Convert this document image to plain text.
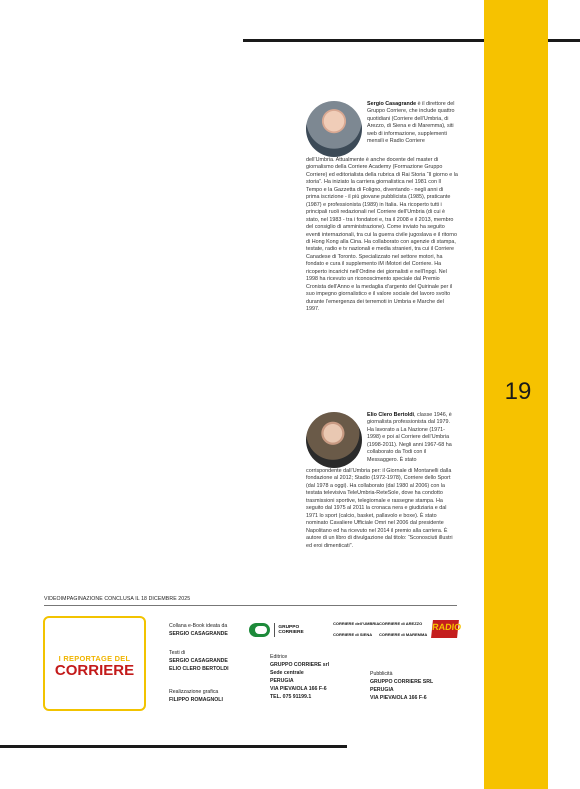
19
Sergio Casagrande è il direttore del Gruppo Corriere, che include quattro quotidiani (Corriere dell’Umbria, di Arezzo, di Siena e di Maremma), siti web di informazione, supplementi mensili e Radio Corriere
dell’Umbria. Attualmente è anche docente del master di giornalismo della Corriere Academy (Formazione Gruppo Corriere) ed editorialista della rubrica di Rai Storia “Il giorno e la storia”. Ha iniziato la carriera giornalistica nel 1981 con Il Tempo e la Gazzetta di Foligno, diventando - negli anni di prima iscrizione - il più giovane pubblicista (1985), praticante (1987) e professionista (1989) in Italia. Ha ricoperto tutti i principali ruoli redazionali nel Corriere dell’Umbria (di cui è stato, nel 1983 - tra i fondatori e, tra il 2008 e il 2013, membro del consiglio di amministrazione). Come inviato ha seguito eventi internazionali, tra cui la guerra civile jugoslava e il ritorno di Hong Kong alla Cina. Ha collaborato con agenzie di stampa, testate, radio e tv nazionali e media stranieri, tra cui il Corriere Canadese di Toronto. Specializzato nel settore motori, ha fondato e cura il supplemento iM iMotori del Corriere. Ha ricoperto incarichi nell’Ordine dei giornalisti e nell’Inpgi. Nel 1998 ha ricevuto un riconoscimento speciale dal Premio Cronista dell’Anno e la medaglia d’argento del Quirinale per il suo impegno giornalistico e il valore sociale del lavoro svolto durante l’emergenza dei terremoti in Umbria e Marche del 1997.
Elio Clero Bertoldi, classe 1946, è giornalista professionista dal 1979. Ha lavorato a La Nazione (1971-1998) e poi al Corriere dell’Umbria (1998-2011). Negli anni 1967-68 ha collaborato da Todi con il Messaggero. È stato
corrispondente dall’Umbria per: il Giornale di Montanelli dalla fondazione al 2012; Stadio (1972-1978), Corriere dello Sport (dal 1978 a oggi). Ha collaborato (dal 1980 al 2006) con la testata televisiva TeleUmbria-ReteSole, dove ha condotto trasmissioni sportive, telegiornale e rassegne stampa. Ha seguito dal 1975 al 2011 la cronaca nera e giudiziaria e dal 1971 lo sport (calcio, basket, pallavolo e boxe). È stato nominato Cavaliere Ufficiale Omri nel 2006 dal presidente Napolitano ed ha ricevuto nel 2014 il premio alla carriera. È autore di un libro di divulgazione dal titolo: “Sconosciuti illustri ed eroi dimenticati”.
VIDEOIMPAGINAZIONE CONCLUSA IL 18 DICEMBRE 2025
I REPORTAGE DEL
CORRIERE
Collana e-Book ideata da
SERGIO CASAGRANDE
Testi di
SERGIO CASAGRANDE
ELIO CLERO BERTOLDI
Realizzazione grafica
FILIPPO ROMAGNOLI
GRUPPO CORRIERE
CORRIERE dell’UMBRIA CORRIERE di AREZZO
CORRIERE di SIENA	CORRIERE di MAREMMA
RADIO
CORRIERE TV
Editrice
GRUPPO CORRIERE srl
Sede centrale
PERUGIA
VIA PIEVAIOLA 166 F-6
TEL. 075 91199.1
Pubblicità
GRUPPO CORRIERE SRL
PERUGIA
VIA PIEVAIOLA 166 F-6
